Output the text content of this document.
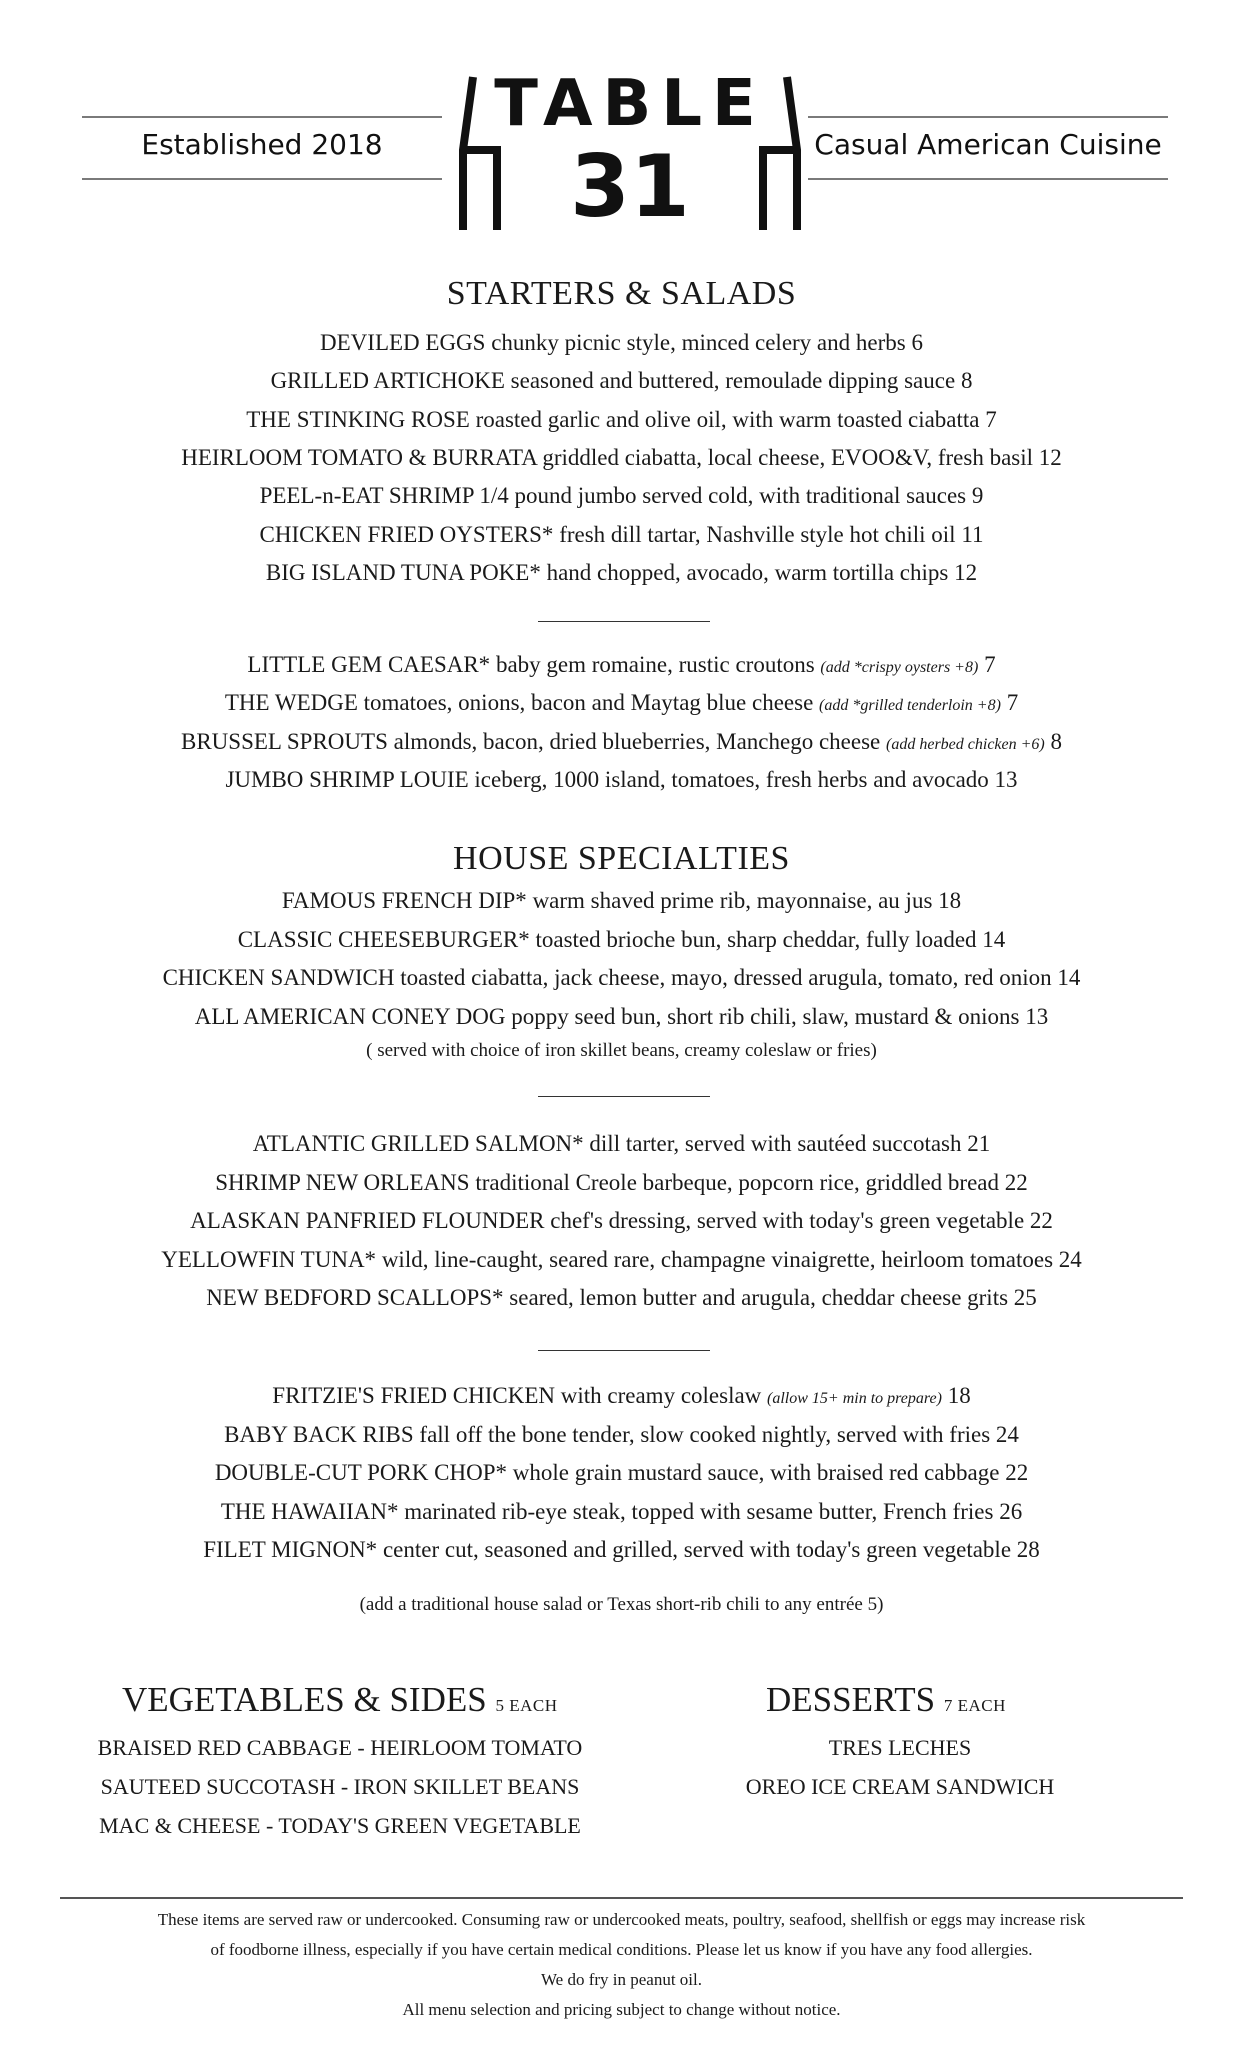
Established 2018	Casual American Cuisine
TABLE
31
STARTERS & SALADS
DEVILED EGGS chunky picnic style, minced celery and herbs 6
GRILLED ARTICHOKE seasoned and buttered, remoulade dipping sauce 8
THE STINKING ROSE roasted garlic and olive oil, with warm toasted ciabatta 7
HEIRLOOM TOMATO & BURRATA griddled ciabatta, local cheese, EVOO&V, fresh basil 12
PEEL-n-EAT SHRIMP 1/4 pound jumbo served cold, with traditional sauces 9
CHICKEN FRIED OYSTERS* fresh dill tartar, Nashville style hot chili oil 11
BIG ISLAND TUNA POKE* hand chopped, avocado, warm tortilla chips 12
LITTLE GEM CAESAR* baby gem romaine, rustic croutons (add *crispy oysters +8) 7
THE WEDGE tomatoes, onions, bacon and Maytag blue cheese (add *grilled tenderloin +8) 7
BRUSSEL SPROUTS almonds, bacon, dried blueberries, Manchego cheese (add herbed chicken +6) 8
JUMBO SHRIMP LOUIE iceberg, 1000 island, tomatoes, fresh herbs and avocado 13
HOUSE SPECIALTIES
FAMOUS FRENCH DIP* warm shaved prime rib, mayonnaise, au jus 18
CLASSIC CHEESEBURGER* toasted brioche bun, sharp cheddar, fully loaded 14
CHICKEN SANDWICH toasted ciabatta, jack cheese, mayo, dressed arugula, tomato, red onion 14
ALL AMERICAN CONEY DOG poppy seed bun, short rib chili, slaw, mustard & onions 13
( served with choice of iron skillet beans, creamy coleslaw or fries)
ATLANTIC GRILLED SALMON* dill tarter, served with sautéed succotash 21
SHRIMP NEW ORLEANS traditional Creole barbeque, popcorn rice, griddled bread 22
ALASKAN PANFRIED FLOUNDER chef's dressing, served with today's green vegetable 22
YELLOWFIN TUNA* wild, line-caught, seared rare, champagne vinaigrette, heirloom tomatoes 24
NEW BEDFORD SCALLOPS* seared, lemon butter and arugula, cheddar cheese grits 25
FRITZIE'S FRIED CHICKEN with creamy coleslaw (allow 15+ min to prepare) 18
BABY BACK RIBS fall off the bone tender, slow cooked nightly, served with fries 24
DOUBLE-CUT PORK CHOP* whole grain mustard sauce, with braised red cabbage 22
THE HAWAIIAN* marinated rib-eye steak, topped with sesame butter, French fries 26
FILET MIGNON* center cut, seasoned and grilled, served with today's green vegetable 28
(add a traditional house salad or Texas short-rib chili to any entrée 5)
VEGETABLES & SIDES 5 EACH
BRAISED RED CABBAGE - HEIRLOOM TOMATO
SAUTEED SUCCOTASH - IRON SKILLET BEANS
MAC & CHEESE - TODAY'S GREEN VEGETABLE
DESSERTS 7 EACH
TRES LECHES
OREO ICE CREAM SANDWICH
These items are served raw or undercooked. Consuming raw or undercooked meats, poultry, seafood, shellfish or eggs may increase risk
of foodborne illness, especially if you have certain medical conditions. Please let us know if you have any food allergies.
We do fry in peanut oil.
All menu selection and pricing subject to change without notice.
